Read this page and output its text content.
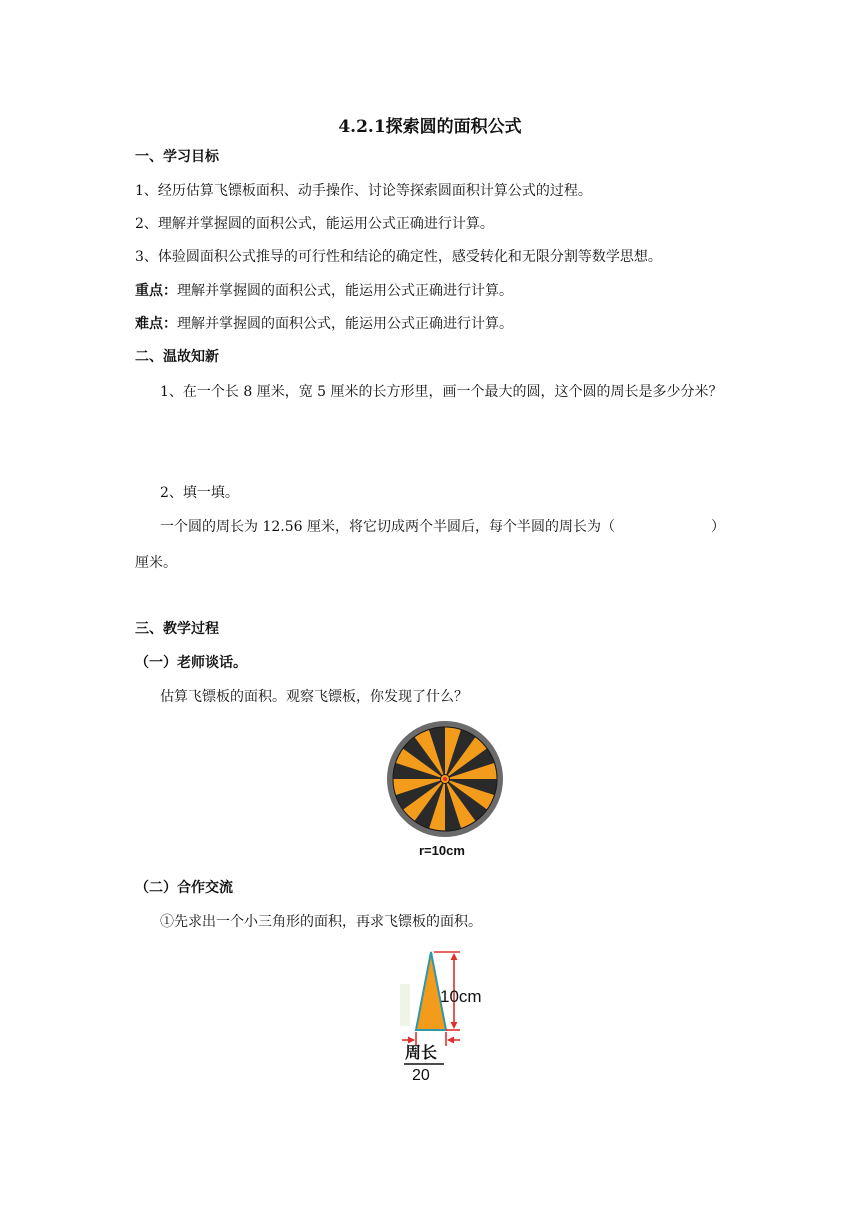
4.2.1探索圆的面积公式
一、学习目标
1、经历估算飞镖板面积、动手操作、讨论等探索圆面积计算公式的过程。
2、理解并掌握圆的面积公式，能运用公式正确进行计算。
3、体验圆面积公式推导的可行性和结论的确定性，感受转化和无限分割等数学思想。
重点：理解并掌握圆的面积公式，能运用公式正确进行计算。
难点：理解并掌握圆的面积公式，能运用公式正确进行计算。
二、温故知新
1、在一个长 8 厘米，宽 5 厘米的长方形里，画一个最大的圆，这个圆的周长是多少分米？
2、填一填。
一个圆的周长为 12.56 厘米，将它切成两个半圆后，每个半圆的周长为（	）厘米。
三、教学过程
（一）老师谈话。
估算飞镖板的面积。观察飞镖板，你发现了什么？
r=10cm
（二）合作交流
①先求出一个小三角形的面积，再求飞镖板的面积。
10cm
周长
20
